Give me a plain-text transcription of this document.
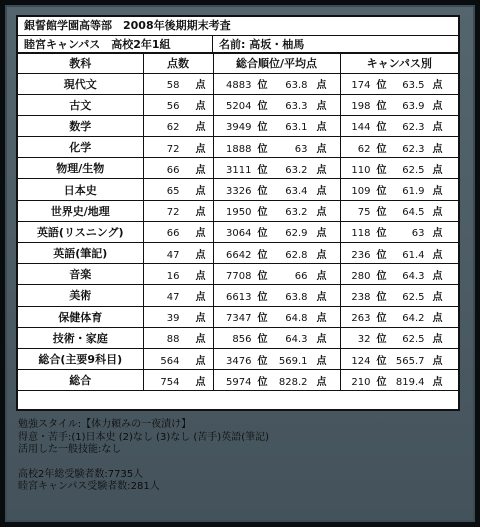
銀誓館学園高等部　2008年後期期末考査
睦宮キャンパス　高校2年1組	名前: 高坂・柚馬
教科	点数	総合順位/平均点	キャンパス別
現代文	58 点	4883 位 63.8 点	174 位 63.5 点
古文	56 点	5204 位 63.3 点	198 位 63.9 点
数学	62 点	3949 位 63.1 点	144 位 62.3 点
化学	72 点	1888 位 63 点	62 位 62.3 点
物理/生物	66 点	3111 位 63.2 点	110 位 62.5 点
日本史	65 点	3326 位 63.4 点	109 位 61.9 点
世界史/地理	72 点	1950 位 63.2 点	75 位 64.5 点
英語(リスニング)	66 点	3064 位 62.9 点	118 位 63 点
英語(筆記)	47 点	6642 位 62.8 点	236 位 61.4 点
音楽	16 点	7708 位 66 点	280 位 64.3 点
美術	47 点	6613 位 63.8 点	238 位 62.5 点
保健体育	39 点	7347 位 64.8 点	263 位 64.2 点
技術・家庭	88 点	856 位 64.3 点	32 位 62.5 点
総合(主要9科目)	564 点	3476 位 569.1 点	124 位 565.7 点
総合	754 点	5974 位 828.2 点	210 位 819.4 点
勉強スタイル:【体力頼みの一夜漬け】
得意・苦手:(1)日本史 (2)なし (3)なし (苦手)英語(筆記)
活用した一般技能:なし
高校2年総受験者数:7735人
睦宮キャンパス受験者数:281人
